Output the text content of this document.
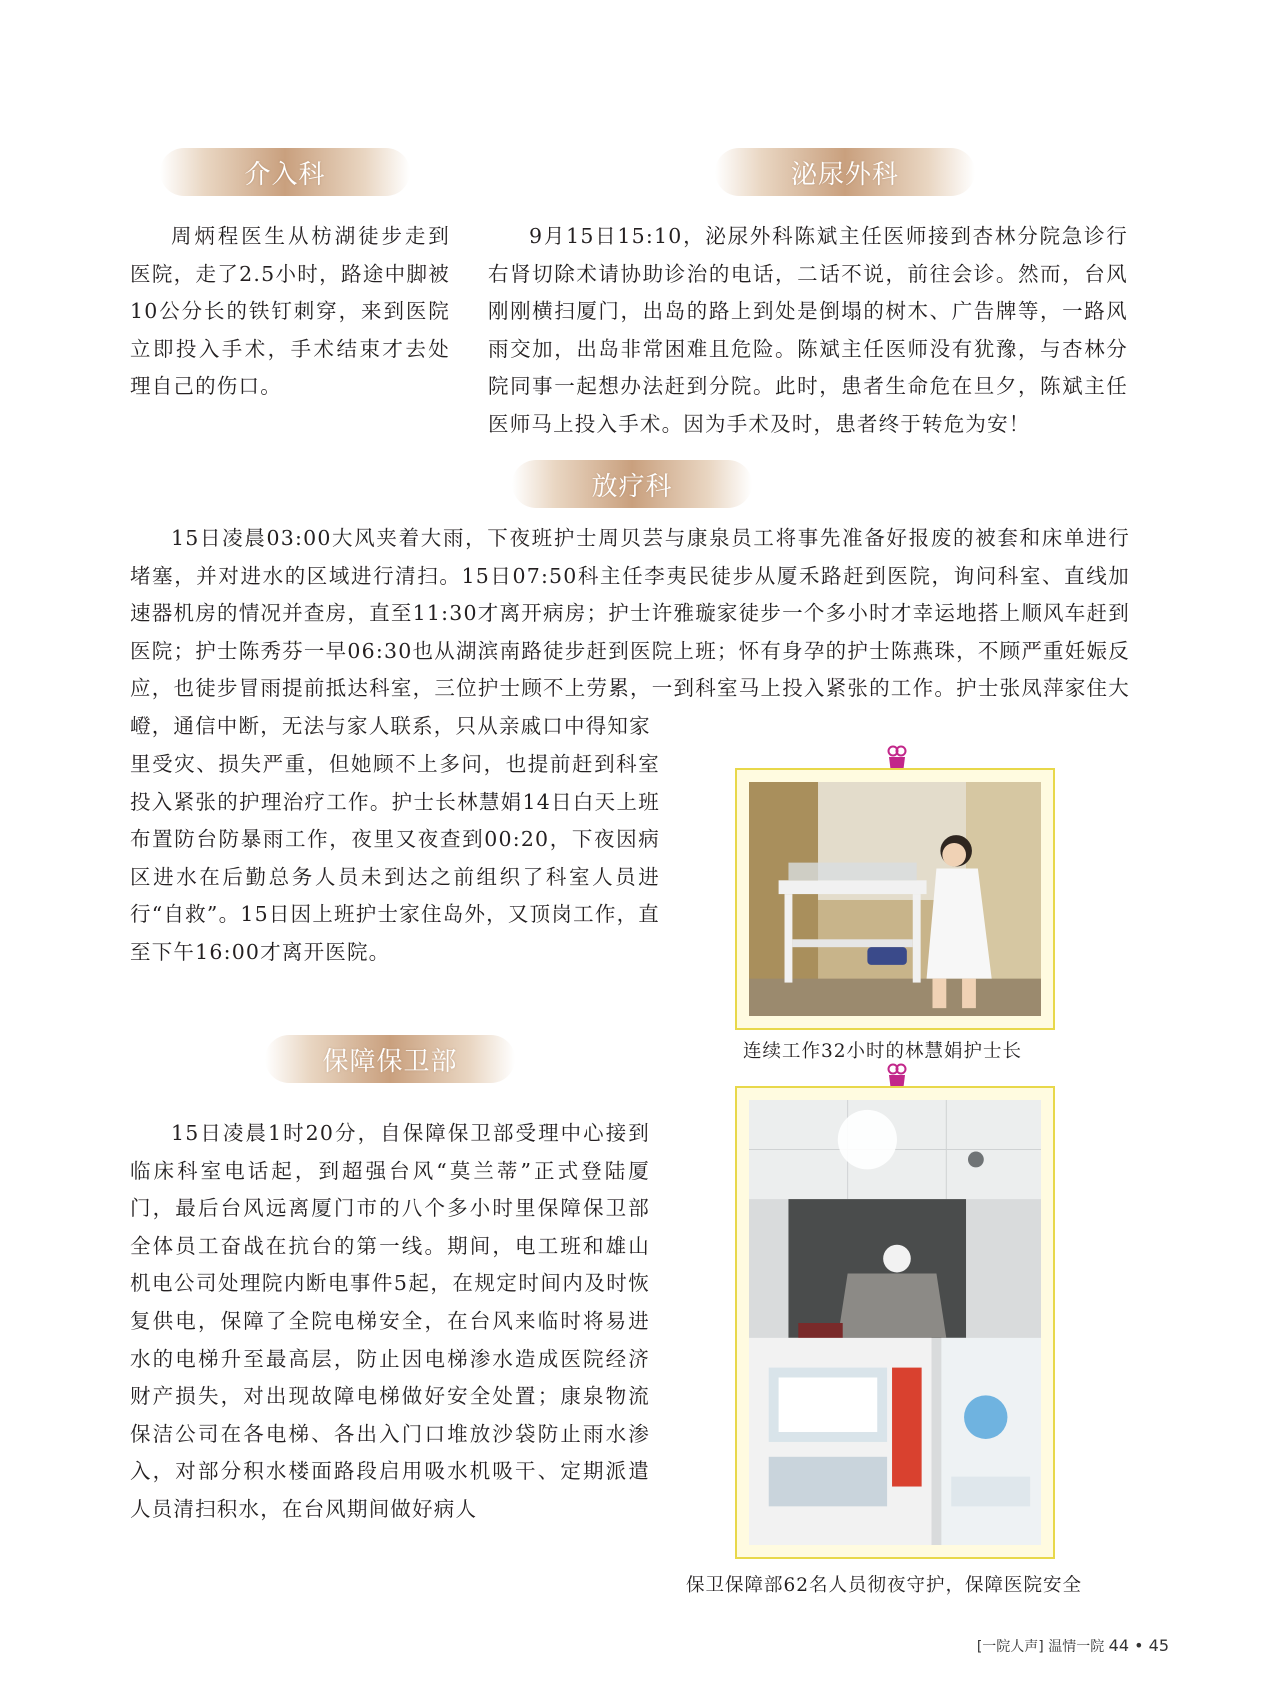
介入科	泌尿外科
放疗科
保障保卫部

周炳程医生从枋湖徒步走到医院，走了2.5小时，路途中脚被10公分长的铁钉刺穿，来到医院立即投入手术，手术结束才去处理自己的伤口。

9月15日15:10，泌尿外科陈斌主任医师接到杏林分院急诊行右肾切除术请协助诊治的电话，二话不说，前往会诊。然而，台风刚刚横扫厦门，出岛的路上到处是倒塌的树木、广告牌等，一路风雨交加，出岛非常困难且危险。陈斌主任医师没有犹豫，与杏林分院同事一起想办法赶到分院。此时，患者生命危在旦夕，陈斌主任医师马上投入手术。因为手术及时，患者终于转危为安！

15日凌晨03:00大风夹着大雨，下夜班护士周贝芸与康泉员工将事先准备好报废的被套和床单进行堵塞，并对进水的区域进行清扫。15日07:50科主任李夷民徒步从厦禾路赶到医院，询问科室、直线加速器机房的情况并查房，直至11:30才离开病房；护士许雅璇家徒步一个多小时才幸运地搭上顺风车赶到医院；护士陈秀芬一早06:30也从湖滨南路徒步赶到医院上班；怀有身孕的护士陈燕珠，不顾严重妊娠反应，也徒步冒雨提前抵达科室，三位护士顾不上劳累，一到科室马上投入紧张的工作。护士张凤萍家住大嶝，通信中断，无法与家人联系，只从亲戚口中得知家

里受灾、损失严重，但她顾不上多问，也提前赶到科室投入紧张的护理治疗工作。护士长林慧娟14日白天上班布置防台防暴雨工作，夜里又夜查到00:20，下夜因病区进水在后勤总务人员未到达之前组织了科室人员进行“自救”。15日因上班护士家住岛外，又顶岗工作，直至下午16:00才离开医院。

15日凌晨1时20分，自保障保卫部受理中心接到临床科室电话起，到超强台风“莫兰蒂”正式登陆厦门，最后台风远离厦门市的八个多小时里保障保卫部全体员工奋战在抗台的第一线。期间，电工班和雄山机电公司处理院内断电事件5起，在规定时间内及时恢复供电，保障了全院电梯安全，在台风来临时将易进水的电梯升至最高层，防止因电梯渗水造成医院经济财产损失，对出现故障电梯做好安全处置；康泉物流保洁公司在各电梯、各出入门口堆放沙袋防止雨水渗入，对部分积水楼面路段启用吸水机吸干、定期派遣人员清扫积水，在台风期间做好病人

连续工作32小时的林慧娟护士长
保卫保障部62名人员彻夜守护，保障医院安全
[一院人声] 温情一院 44 • 45
